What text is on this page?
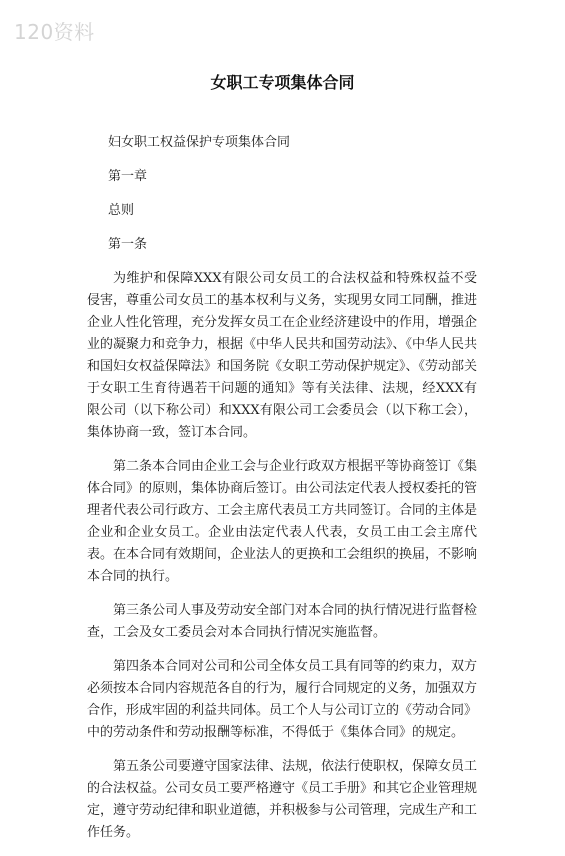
120资料
女职工专项集体合同

妇女职工权益保护专项集体合同

第一章

总则

第一条

为维护和保障XXX有限公司女员工的合法权益和特殊权益不受侵害，尊重公司女员工的基本权利与义务，实现男女同工同酬，推进企业人性化管理，充分发挥女员工在企业经济建设中的作用，增强企业的凝聚力和竞争力，根据《中华人民共和国劳动法》、《中华人民共和国妇女权益保障法》和国务院《女职工劳动保护规定》、《劳动部关于女职工生育待遇若干问题的通知》等有关法律、法规，经XXX有限公司（以下称公司）和XXX有限公司工会委员会（以下称工会），集体协商一致，签订本合同。

第二条本合同由企业工会与企业行政双方根据平等协商签订《集体合同》的原则，集体协商后签订。由公司法定代表人授权委托的管理者代表公司行政方、工会主席代表员工方共同签订。合同的主体是企业和企业女员工。企业由法定代表人代表，女员工由工会主席代表。在本合同有效期间，企业法人的更换和工会组织的换届，不影响本合同的执行。

第三条公司人事及劳动安全部门对本合同的执行情况进行监督检查，工会及女工委员会对本合同执行情况实施监督。

第四条本合同对公司和公司全体女员工具有同等的约束力，双方必须按本合同内容规范各自的行为，履行合同规定的义务，加强双方合作，形成牢固的利益共同体。员工个人与公司订立的《劳动合同》中的劳动条件和劳动报酬等标准，不得低于《集体合同》的规定。

第五条公司要遵守国家法律、法规，依法行使职权，保障女员工的合法权益。公司女员工要严格遵守《员工手册》和其它企业管理规定，遵守劳动纪律和职业道德，并积极参与公司管理，完成生产和工作任务。
